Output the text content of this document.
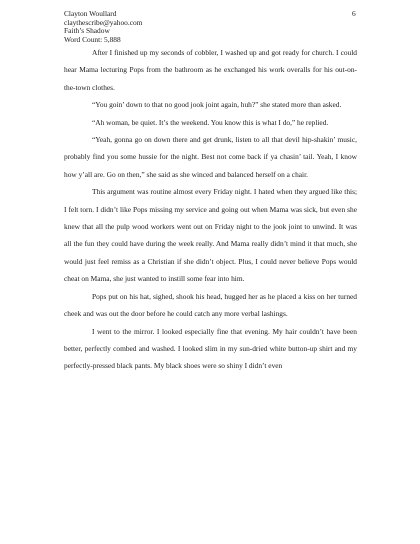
Clayton Woullard
claythescribe@yahoo.com
Faith’s Shadow
Word Count: 5,888
6

After I finished up my seconds of cobbler, I washed up and got ready for church. I could hear Mama lecturing Pops from the bathroom as he exchanged his work overalls for his out-on-the-town clothes.

“You goin’ down to that no good jook joint again, huh?” she stated more than asked.

“Ah woman, be quiet. It’s the weekend. You know this is what I do,” he replied.

“Yeah, gonna go on down there and get drunk, listen to all that devil hip-shakin’ music, probably find you some hussie for the night. Best not come back if ya chasin’ tail. Yeah, I know how y’all are. Go on then,” she said as she winced and balanced herself on a chair.

This argument was routine almost every Friday night. I hated when they argued like this; I felt torn. I didn’t like Pops missing my service and going out when Mama was sick, but even she knew that all the pulp wood workers went out on Friday night to the jook joint to unwind. It was all the fun they could have during the week really. And Mama really didn’t mind it that much, she would just feel remiss as a Christian if she didn’t object. Plus, I could never believe Pops would cheat on Mama, she just wanted to instill some fear into him.

Pops put on his hat, sighed, shook his head, hugged her as he placed a kiss on her turned cheek and was out the door before he could catch any more verbal lashings.

I went to the mirror. I looked especially fine that evening. My hair couldn’t have been better, perfectly combed and washed. I looked slim in my sun-dried white button-up shirt and my perfectly-pressed black pants. My black shoes were so shiny I didn’t even
